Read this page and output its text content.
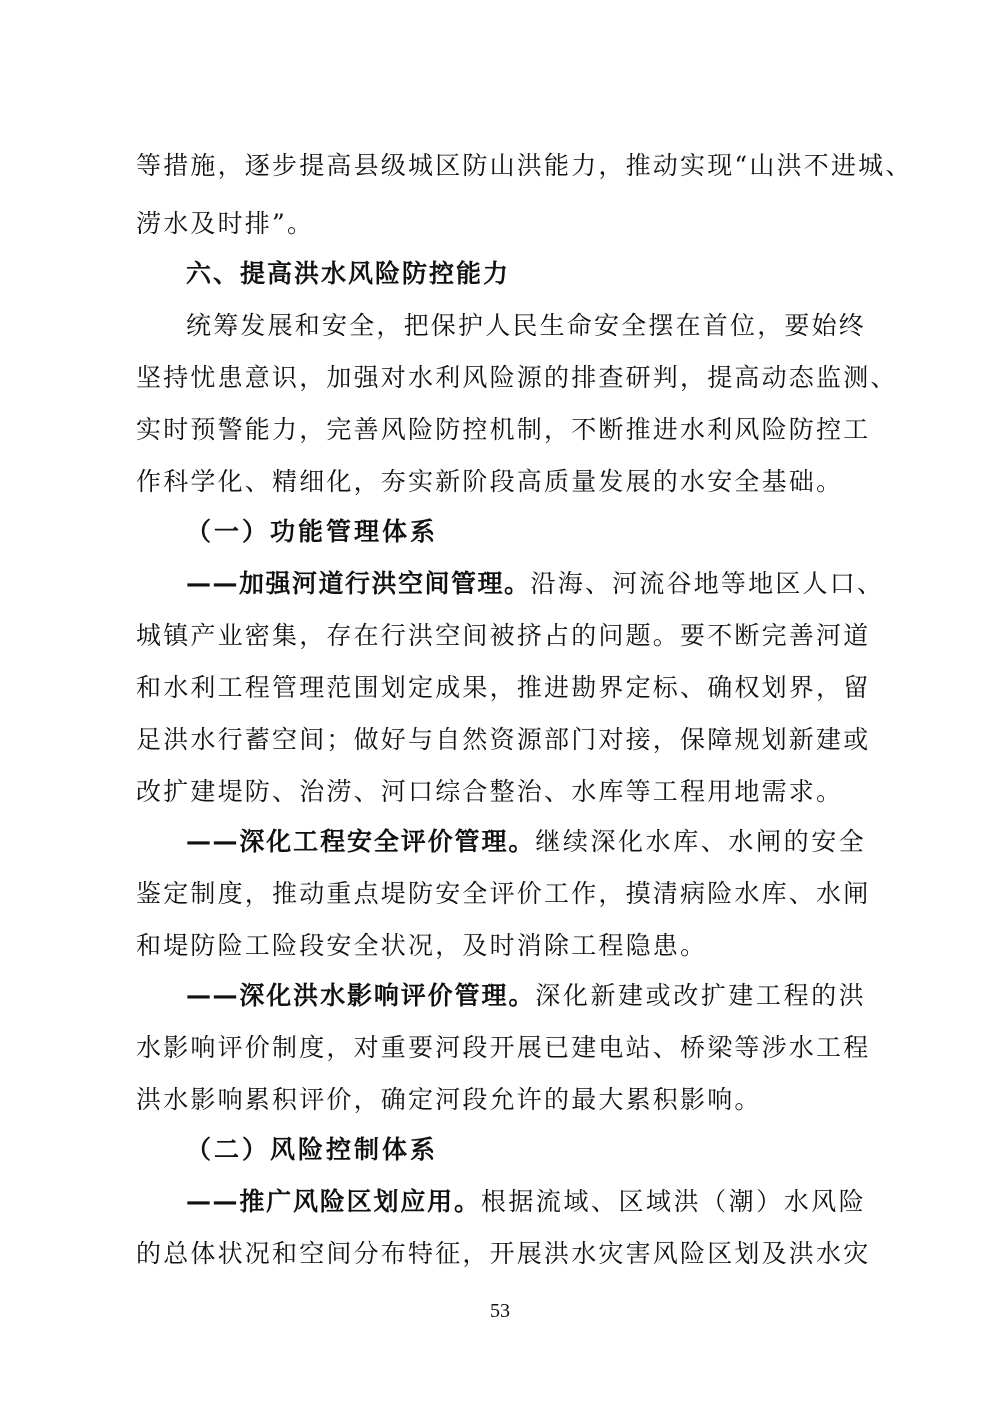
等措施，逐步提高县级城区防山洪能力，推动实现“山洪不进城、
涝水及时排”。
六、提高洪水风险防控能力
统筹发展和安全，把保护人民生命安全摆在首位，要始终
坚持忧患意识，加强对水利风险源的排查研判，提高动态监测、
实时预警能力，完善风险防控机制，不断推进水利风险防控工
作科学化、精细化，夯实新阶段高质量发展的水安全基础。
（一）功能管理体系
——加强河道行洪空间管理。沿海、河流谷地等地区人口、
城镇产业密集，存在行洪空间被挤占的问题。要不断完善河道
和水利工程管理范围划定成果，推进勘界定标、确权划界，留
足洪水行蓄空间；做好与自然资源部门对接，保障规划新建或
改扩建堤防、治涝、河口综合整治、水库等工程用地需求。
——深化工程安全评价管理。继续深化水库、水闸的安全
鉴定制度，推动重点堤防安全评价工作，摸清病险水库、水闸
和堤防险工险段安全状况，及时消除工程隐患。
——深化洪水影响评价管理。深化新建或改扩建工程的洪
水影响评价制度，对重要河段开展已建电站、桥梁等涉水工程
洪水影响累积评价，确定河段允许的最大累积影响。
（二）风险控制体系
——推广风险区划应用。根据流域、区域洪（潮）水风险
的总体状况和空间分布特征，开展洪水灾害风险区划及洪水灾
53
